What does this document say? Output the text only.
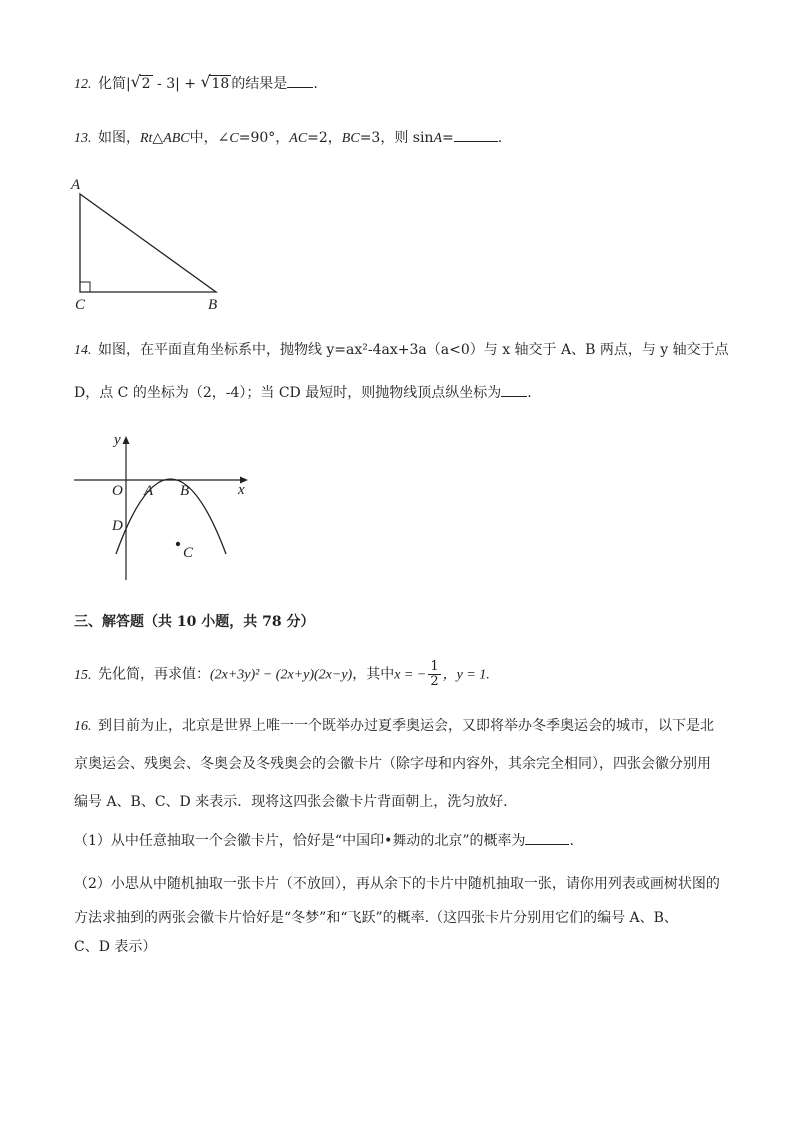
12. 化简| √ 2 - 3| + √ 18 的结果是 .
13. 如图，Rt△ABC中，∠C=90°，AC=2，BC=3，则 sinA=	.
A
C	B
14. 如图，在平面直角坐标系中，抛物线 y=ax²-4ax+3a（a<0）与 x 轴交于 A、B 两点，与 y 轴交于点
D，点 C 的坐标为（2，-4）；当 CD 最短时，则抛物线顶点纵坐标为 .
y
x
O A B
D
C
三、解答题（共 10 小题，共 78 分）
15. 先化简，再求值：(2x+3y)² − (2x+y)(2x−y)，其中x = − $\frac{1}{2}$ ，y = 1.
16. 到目前为止，北京是世界上唯一一个既举办过夏季奥运会，又即将举办冬季奥运会的城市，以下是北
京奥运会、残奥会、冬奥会及冬残奥会的会徽卡片（除字母和内容外，其余完全相同），四张会徽分别用
编号 A、B、C、D 来表示．现将这四张会徽卡片背面朝上，洗匀放好．
（1）从中任意抽取一个会徽卡片，恰好是“中国印•舞动的北京”的概率为	.
（2）小思从中随机抽取一张卡片（不放回），再从余下的卡片中随机抽取一张，请你用列表或画树状图的
方法求抽到的两张会徽卡片恰好是“冬梦”和“飞跃”的概率.（这四张卡片分别用它们的编号 A、B、
C、D 表示）
